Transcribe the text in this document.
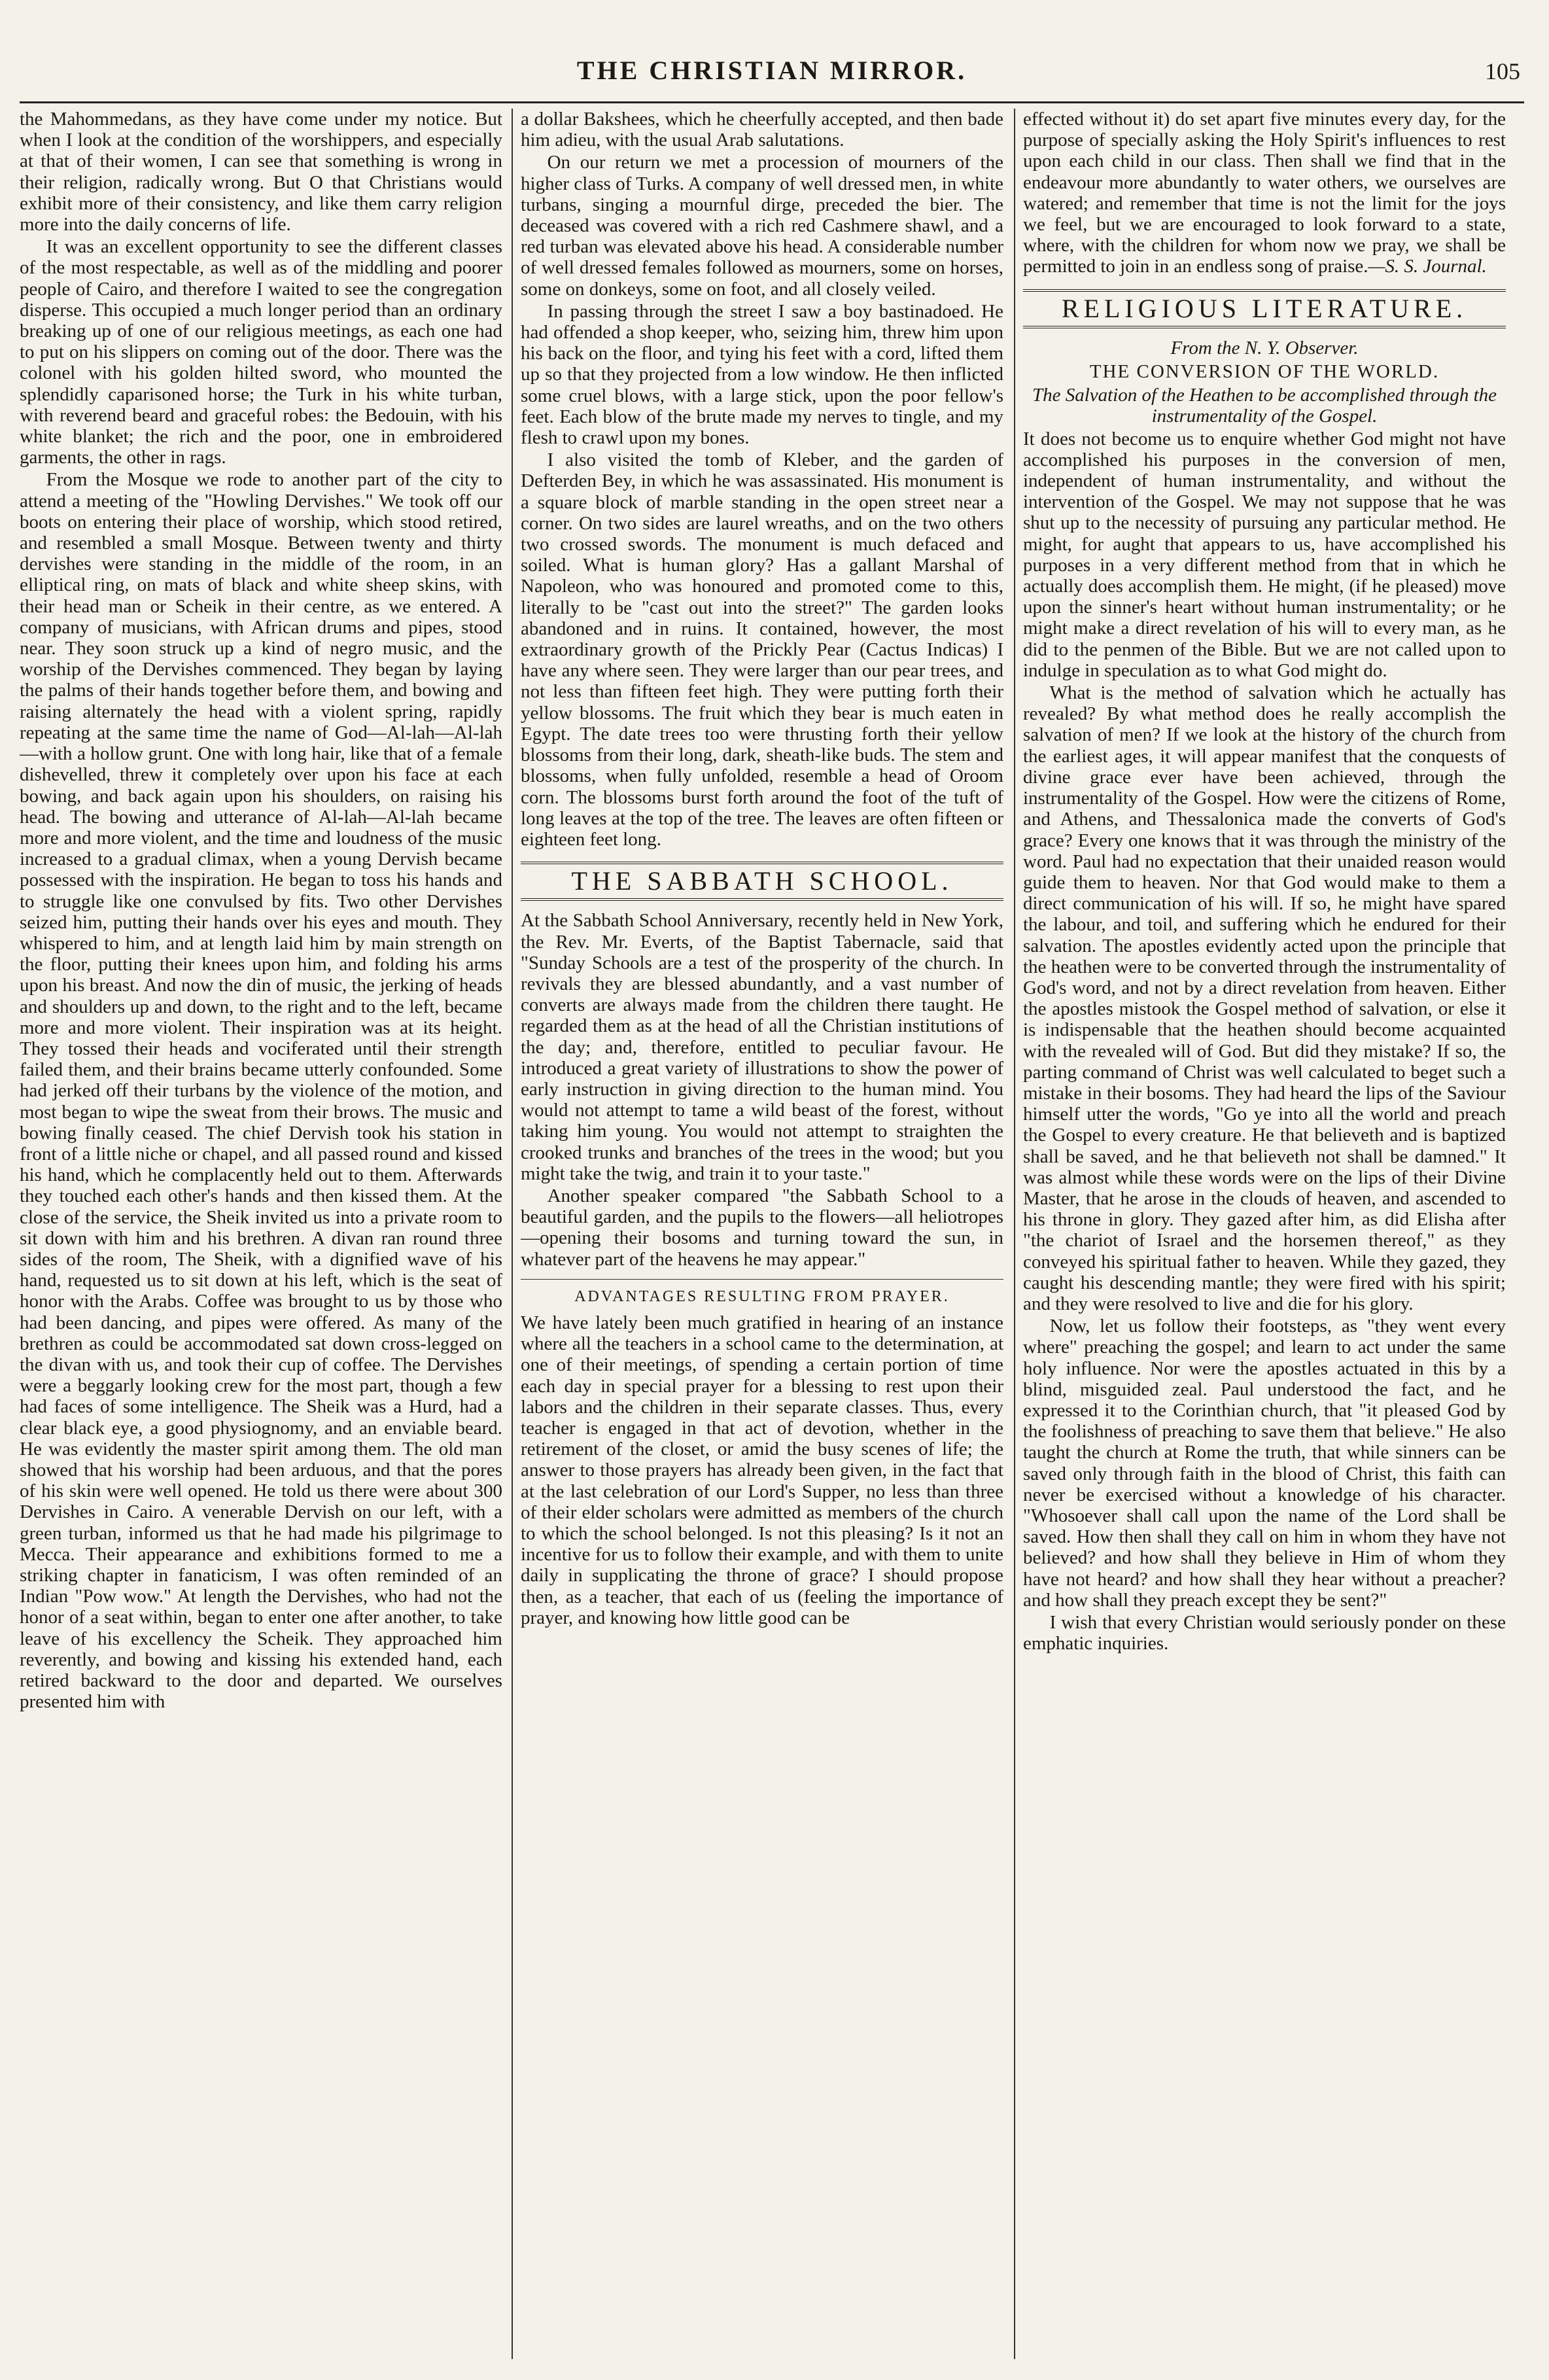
THE CHRISTIAN MIRROR.	105

the Mahommedans, as they have come under my notice. But when I look at the condition of the worshippers, and especially at that of their women, I can see that something is wrong in their religion, radically wrong. But O that Christians would exhibit more of their consistency, and like them carry religion more into the daily concerns of life.

It was an excellent opportunity to see the different classes of the most respectable, as well as of the middling and poorer people of Cairo, and therefore I waited to see the congregation disperse. This occupied a much longer period than an ordinary breaking up of one of our religious meetings, as each one had to put on his slippers on coming out of the door. There was the colonel with his golden hilted sword, who mounted the splendidly caparisoned horse; the Turk in his white turban, with reverend beard and graceful robes: the Bedouin, with his white blanket; the rich and the poor, one in embroidered garments, the other in rags.

From the Mosque we rode to another part of the city to attend a meeting of the "Howling Dervishes." We took off our boots on entering their place of worship, which stood retired, and resembled a small Mosque. Between twenty and thirty dervishes were standing in the middle of the room, in an elliptical ring, on mats of black and white sheep skins, with their head man or Scheik in their centre, as we entered. A company of musicians, with African drums and pipes, stood near. They soon struck up a kind of negro music, and the worship of the Dervishes commenced. They began by laying the palms of their hands together before them, and bowing and raising alternately the head with a violent spring, rapidly repeating at the same time the name of God—Al-lah—Al-lah—with a hollow grunt. One with long hair, like that of a female dishevelled, threw it completely over upon his face at each bowing, and back again upon his shoulders, on raising his head. The bowing and utterance of Al-lah—Al-lah became more and more violent, and the time and loudness of the music increased to a gradual climax, when a young Dervish became possessed with the inspiration. He began to toss his hands and to struggle like one convulsed by fits. Two other Dervishes seized him, putting their hands over his eyes and mouth. They whispered to him, and at length laid him by main strength on the floor, putting their knees upon him, and folding his arms upon his breast. And now the din of music, the jerking of heads and shoulders up and down, to the right and to the left, became more and more violent. Their inspiration was at its height. They tossed their heads and vociferated until their strength failed them, and their brains became utterly confounded. Some had jerked off their turbans by the violence of the motion, and most began to wipe the sweat from their brows. The music and bowing finally ceased. The chief Dervish took his station in front of a little niche or chapel, and all passed round and kissed his hand, which he complacently held out to them. Afterwards they touched each other's hands and then kissed them. At the close of the service, the Sheik invited us into a private room to sit down with him and his brethren. A divan ran round three sides of the room, The Sheik, with a dignified wave of his hand, requested us to sit down at his left, which is the seat of honor with the Arabs. Coffee was brought to us by those who had been dancing, and pipes were offered. As many of the brethren as could be accommodated sat down cross-legged on the divan with us, and took their cup of coffee. The Dervishes were a beggarly looking crew for the most part, though a few had faces of some intelligence. The Sheik was a Hurd, had a clear black eye, a good physiognomy, and an enviable beard. He was evidently the master spirit among them. The old man showed that his worship had been arduous, and that the pores of his skin were well opened. He told us there were about 300 Dervishes in Cairo. A venerable Dervish on our left, with a green turban, informed us that he had made his pilgrimage to Mecca. Their appearance and exhibitions formed to me a striking chapter in fanaticism, I was often reminded of an Indian "Pow wow." At length the Dervishes, who had not the honor of a seat within, began to enter one after another, to take leave of his excellency the Scheik. They approached him reverently, and bowing and kissing his extended hand, each retired backward to the door and departed. We ourselves presented him with

a dollar Bakshees, which he cheerfully accepted, and then bade him adieu, with the usual Arab salutations.

On our return we met a procession of mourners of the higher class of Turks. A company of well dressed men, in white turbans, singing a mournful dirge, preceded the bier. The deceased was covered with a rich red Cashmere shawl, and a red turban was elevated above his head. A considerable number of well dressed females followed as mourners, some on horses, some on donkeys, some on foot, and all closely veiled.

In passing through the street I saw a boy bastinadoed. He had offended a shop keeper, who, seizing him, threw him upon his back on the floor, and tying his feet with a cord, lifted them up so that they projected from a low window. He then inflicted some cruel blows, with a large stick, upon the poor fellow's feet. Each blow of the brute made my nerves to tingle, and my flesh to crawl upon my bones.

I also visited the tomb of Kleber, and the garden of Defterden Bey, in which he was assassinated. His monument is a square block of marble standing in the open street near a corner. On two sides are laurel wreaths, and on the two others two crossed swords. The monument is much defaced and soiled. What is human glory? Has a gallant Marshal of Napoleon, who was honoured and promoted come to this, literally to be "cast out into the street?" The garden looks abandoned and in ruins. It contained, however, the most extraordinary growth of the Prickly Pear (Cactus Indicas) I have any where seen. They were larger than our pear trees, and not less than fifteen feet high. They were putting forth their yellow blossoms. The fruit which they bear is much eaten in Egypt. The date trees too were thrusting forth their yellow blossoms from their long, dark, sheath-like buds. The stem and blossoms, when fully unfolded, resemble a head of Oroom corn. The blossoms burst forth around the foot of the tuft of long leaves at the top of the tree. The leaves are often fifteen or eighteen feet long.

THE SABBATH SCHOOL.

At the Sabbath School Anniversary, recently held in New York, the Rev. Mr. Everts, of the Baptist Tabernacle, said that "Sunday Schools are a test of the prosperity of the church. In revivals they are blessed abundantly, and a vast number of converts are always made from the children there taught. He regarded them as at the head of all the Christian institutions of the day; and, therefore, entitled to peculiar favour. He introduced a great variety of illustrations to show the power of early instruction in giving direction to the human mind. You would not attempt to tame a wild beast of the forest, without taking him young. You would not attempt to straighten the crooked trunks and branches of the trees in the wood; but you might take the twig, and train it to your taste."

Another speaker compared "the Sabbath School to a beautiful garden, and the pupils to the flowers—all heliotropes—opening their bosoms and turning toward the sun, in whatever part of the heavens he may appear."

ADVANTAGES RESULTING FROM PRAYER.

We have lately been much gratified in hearing of an instance where all the teachers in a school came to the determination, at one of their meetings, of spending a certain portion of time each day in special prayer for a blessing to rest upon their labors and the children in their separate classes. Thus, every teacher is engaged in that act of devotion, whether in the retirement of the closet, or amid the busy scenes of life; the answer to those prayers has already been given, in the fact that at the last celebration of our Lord's Supper, no less than three of their elder scholars were admitted as members of the church to which the school belonged. Is not this pleasing? Is it not an incentive for us to follow their example, and with them to unite daily in supplicating the throne of grace? I should propose then, as a teacher, that each of us (feeling the importance of prayer, and knowing how little good can be

effected without it) do set apart five minutes every day, for the purpose of specially asking the Holy Spirit's influences to rest upon each child in our class. Then shall we find that in the endeavour more abundantly to water others, we ourselves are watered; and remember that time is not the limit for the joys we feel, but we are encouraged to look forward to a state, where, with the children for whom now we pray, we shall be permitted to join in an endless song of praise.—S. S. Journal.

RELIGIOUS LITERATURE.
From the N. Y. Observer.
THE CONVERSION OF THE WORLD.
The Salvation of the Heathen to be accomplished through the instrumentality of the Gospel.

It does not become us to enquire whether God might not have accomplished his purposes in the conversion of men, independent of human instrumentality, and without the intervention of the Gospel. We may not suppose that he was shut up to the necessity of pursuing any particular method. He might, for aught that appears to us, have accomplished his purposes in a very different method from that in which he actually does accomplish them. He might, (if he pleased) move upon the sinner's heart without human instrumentality; or he might make a direct revelation of his will to every man, as he did to the penmen of the Bible. But we are not called upon to indulge in speculation as to what God might do.

What is the method of salvation which he actually has revealed? By what method does he really accomplish the salvation of men? If we look at the history of the church from the earliest ages, it will appear manifest that the conquests of divine grace ever have been achieved, through the instrumentality of the Gospel. How were the citizens of Rome, and Athens, and Thessalonica made the converts of God's grace? Every one knows that it was through the ministry of the word. Paul had no expectation that their unaided reason would guide them to heaven. Nor that God would make to them a direct communication of his will. If so, he might have spared the labour, and toil, and suffering which he endured for their salvation. The apostles evidently acted upon the principle that the heathen were to be converted through the instrumentality of God's word, and not by a direct revelation from heaven. Either the apostles mistook the Gospel method of salvation, or else it is indispensable that the heathen should become acquainted with the revealed will of God. But did they mistake? If so, the parting command of Christ was well calculated to beget such a mistake in their bosoms. They had heard the lips of the Saviour himself utter the words, "Go ye into all the world and preach the Gospel to every creature. He that believeth and is baptized shall be saved, and he that believeth not shall be damned." It was almost while these words were on the lips of their Divine Master, that he arose in the clouds of heaven, and ascended to his throne in glory. They gazed after him, as did Elisha after "the chariot of Israel and the horsemen thereof," as they conveyed his spiritual father to heaven. While they gazed, they caught his descending mantle; they were fired with his spirit; and they were resolved to live and die for his glory.

Now, let us follow their footsteps, as "they went every where" preaching the gospel; and learn to act under the same holy influence. Nor were the apostles actuated in this by a blind, misguided zeal. Paul understood the fact, and he expressed it to the Corinthian church, that "it pleased God by the foolishness of preaching to save them that believe." He also taught the church at Rome the truth, that while sinners can be saved only through faith in the blood of Christ, this faith can never be exercised without a knowledge of his character. "Whosoever shall call upon the name of the Lord shall be saved. How then shall they call on him in whom they have not believed? and how shall they believe in Him of whom they have not heard? and how shall they hear without a preacher? and how shall they preach except they be sent?"

I wish that every Christian would seriously ponder on these emphatic inquiries.
